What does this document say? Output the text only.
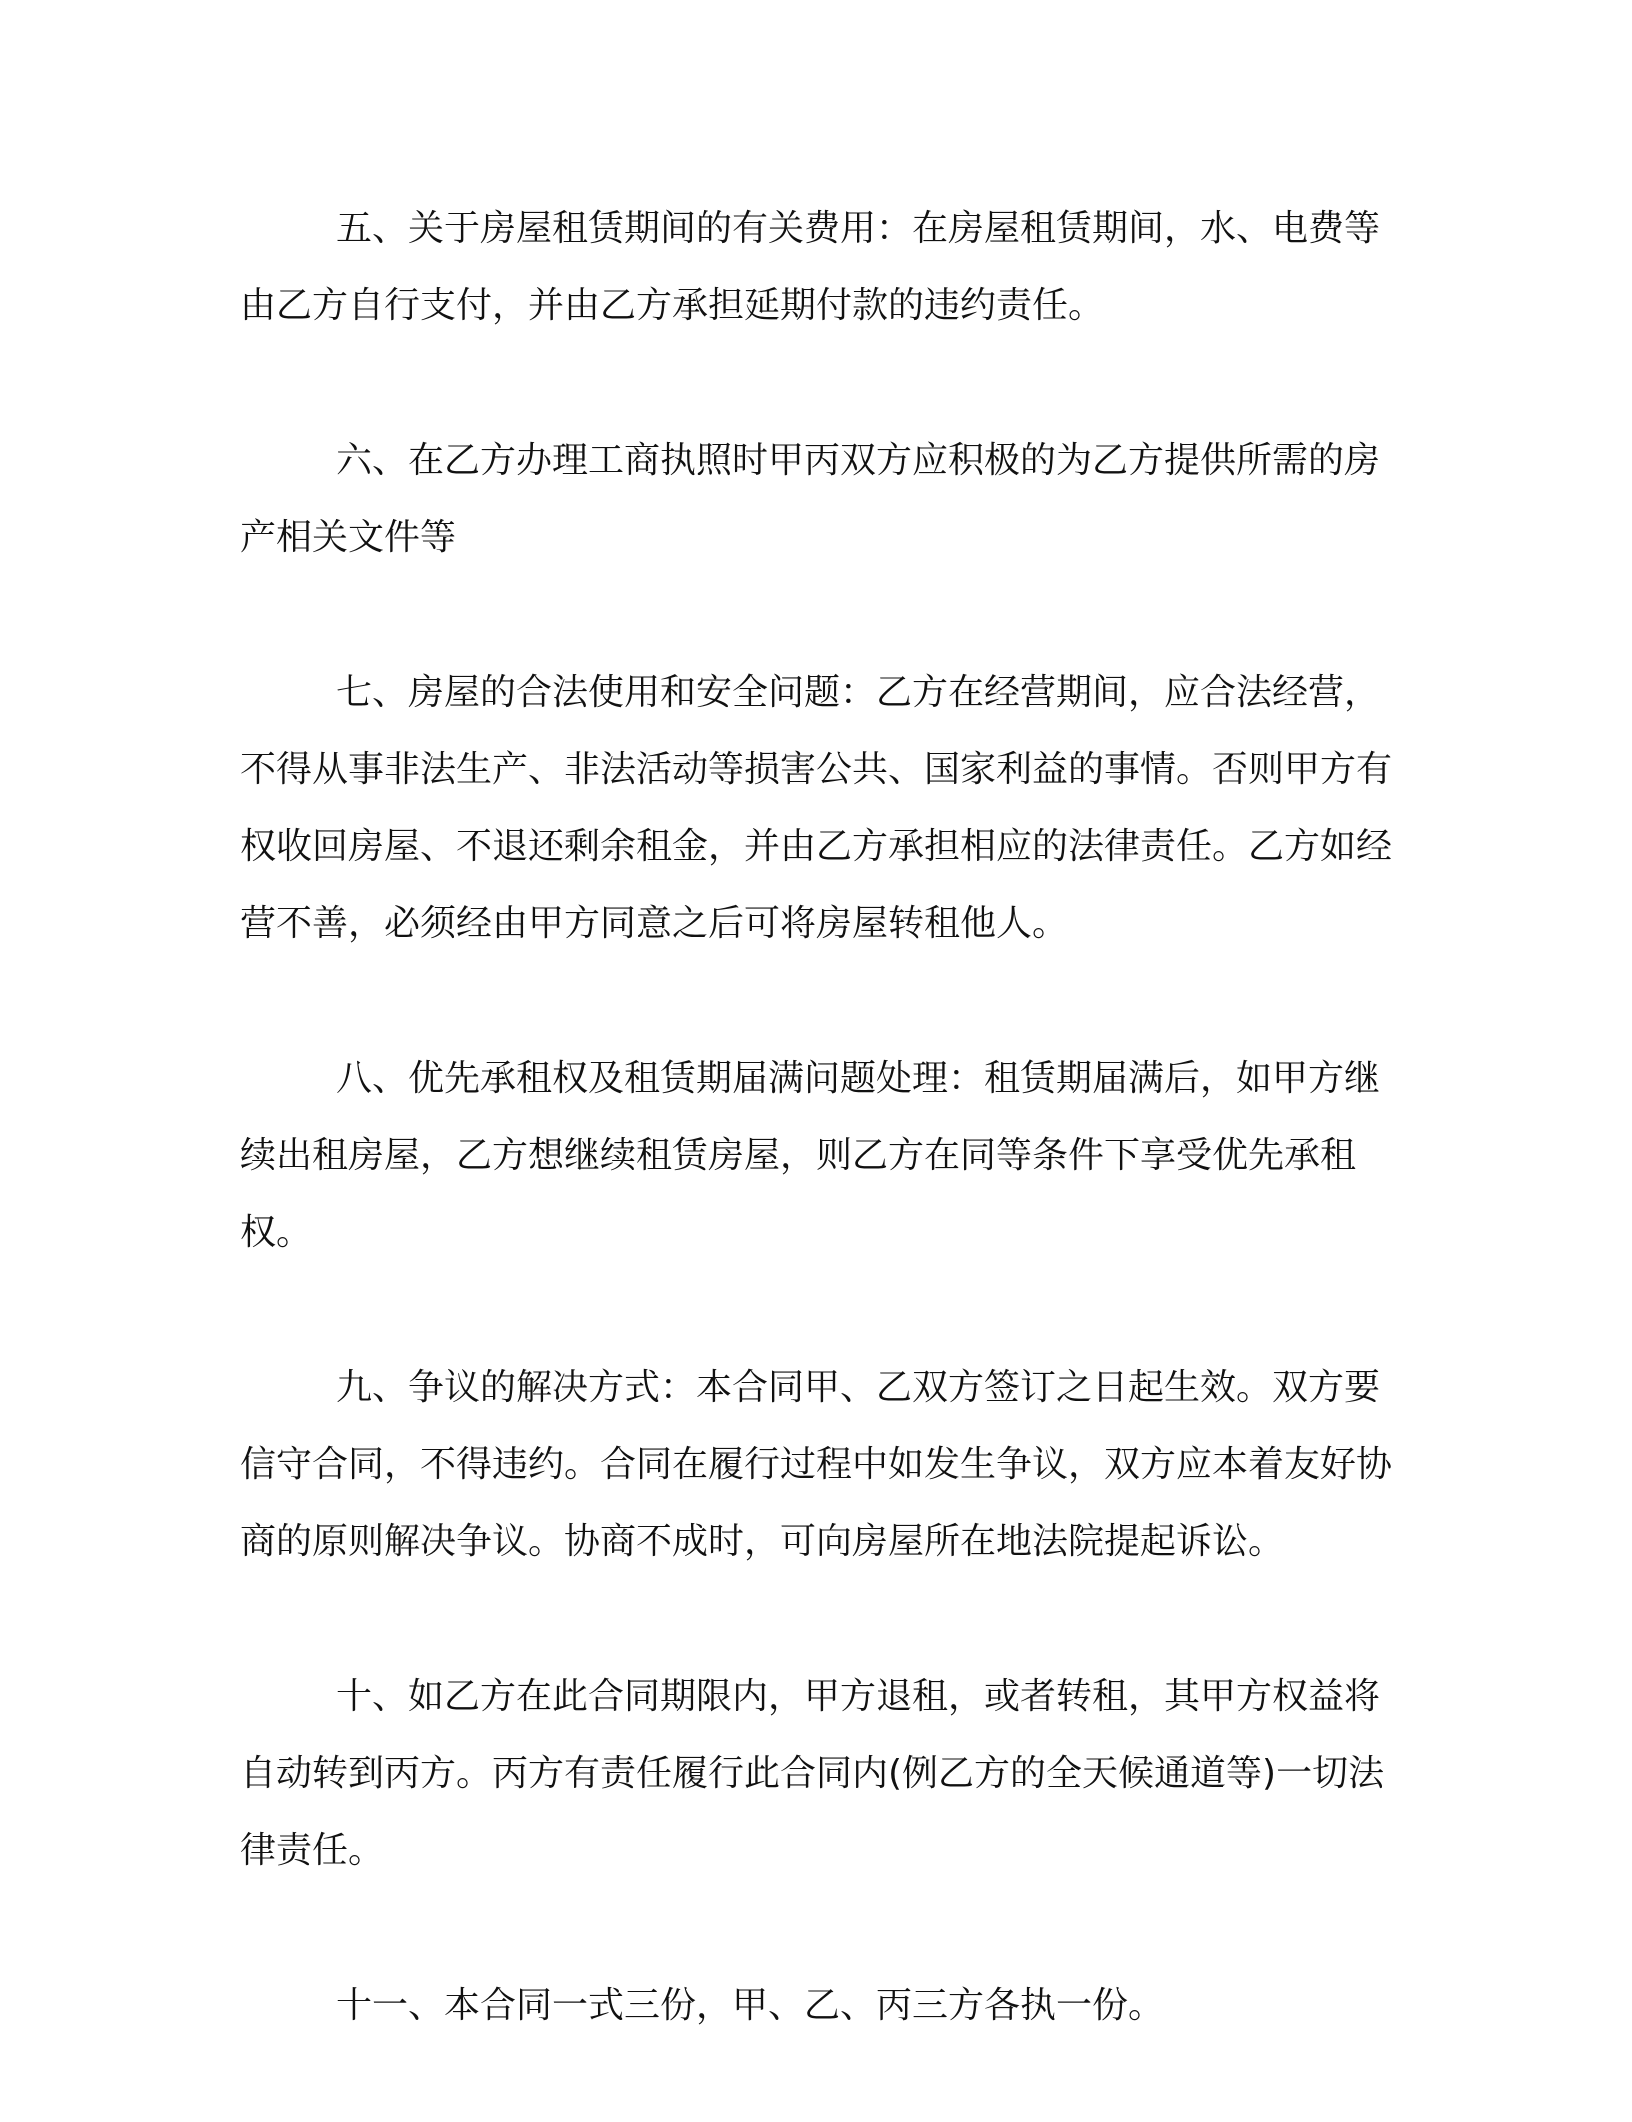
五、关于房屋租赁期间的有关费用：在房屋租赁期间，水、电费等由乙方自行支付，并由乙方承担延期付款的违约责任。

六、在乙方办理工商执照时甲丙双方应积极的为乙方提供所需的房产相关文件等

七、房屋的合法使用和安全问题：乙方在经营期间，应合法经营，不得从事非法生产、非法活动等损害公共、国家利益的事情。否则甲方有权收回房屋、不退还剩余租金，并由乙方承担相应的法律责任。乙方如经营不善，必须经由甲方同意之后可将房屋转租他人。

八、优先承租权及租赁期届满问题处理：租赁期届满后，如甲方继续出租房屋，乙方想继续租赁房屋，则乙方在同等条件下享受优先承租权。

九、争议的解决方式：本合同甲、乙双方签订之日起生效。双方要信守合同，不得违约。合同在履行过程中如发生争议，双方应本着友好协商的原则解决争议。协商不成时，可向房屋所在地法院提起诉讼。

十、如乙方在此合同期限内，甲方退租，或者转租，其甲方权益将自动转到丙方。丙方有责任履行此合同内(例乙方的全天候通道等)一切法律责任。

十一、本合同一式三份，甲、乙、丙三方各执一份。
